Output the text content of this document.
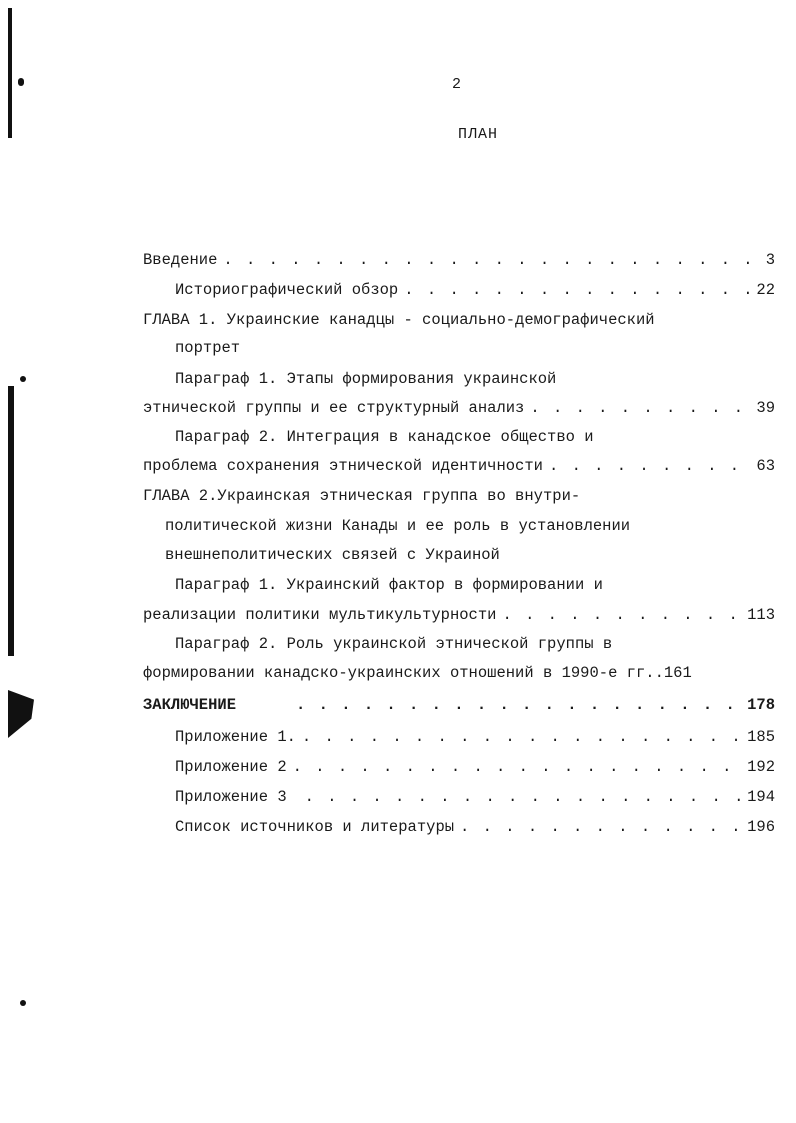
2
ПЛАН
Введение . . .	3
Историографический обзор . . .	22
ГЛАВА 1. Украинские канадцы - социально-демографический
портрет
Параграф 1. Этапы формирования украинской
этнической группы и ее структурный анализ . . .	39
Параграф 2. Интеграция в канадское общество и
проблема сохранения этнической идентичности . . .	63
ГЛАВА 2.Украинская этническая группа во внутри-
политической жизни Канады и ее роль в установлении
внешнеполитических связей с Украиной
Параграф 1. Украинский фактор в формировании и
реализации политики мультикультурности . . .	113
Параграф 2. Роль украинской этнической группы в
формировании канадско-украинских отношений в 1990-е гг..161
ЗАКЛЮЧЕНИЕ . . .	178
Приложение 1. . . .	185
Приложение 2 . . .	192
Приложение 3 . . .	194
Список источников и литературы . . .	196
